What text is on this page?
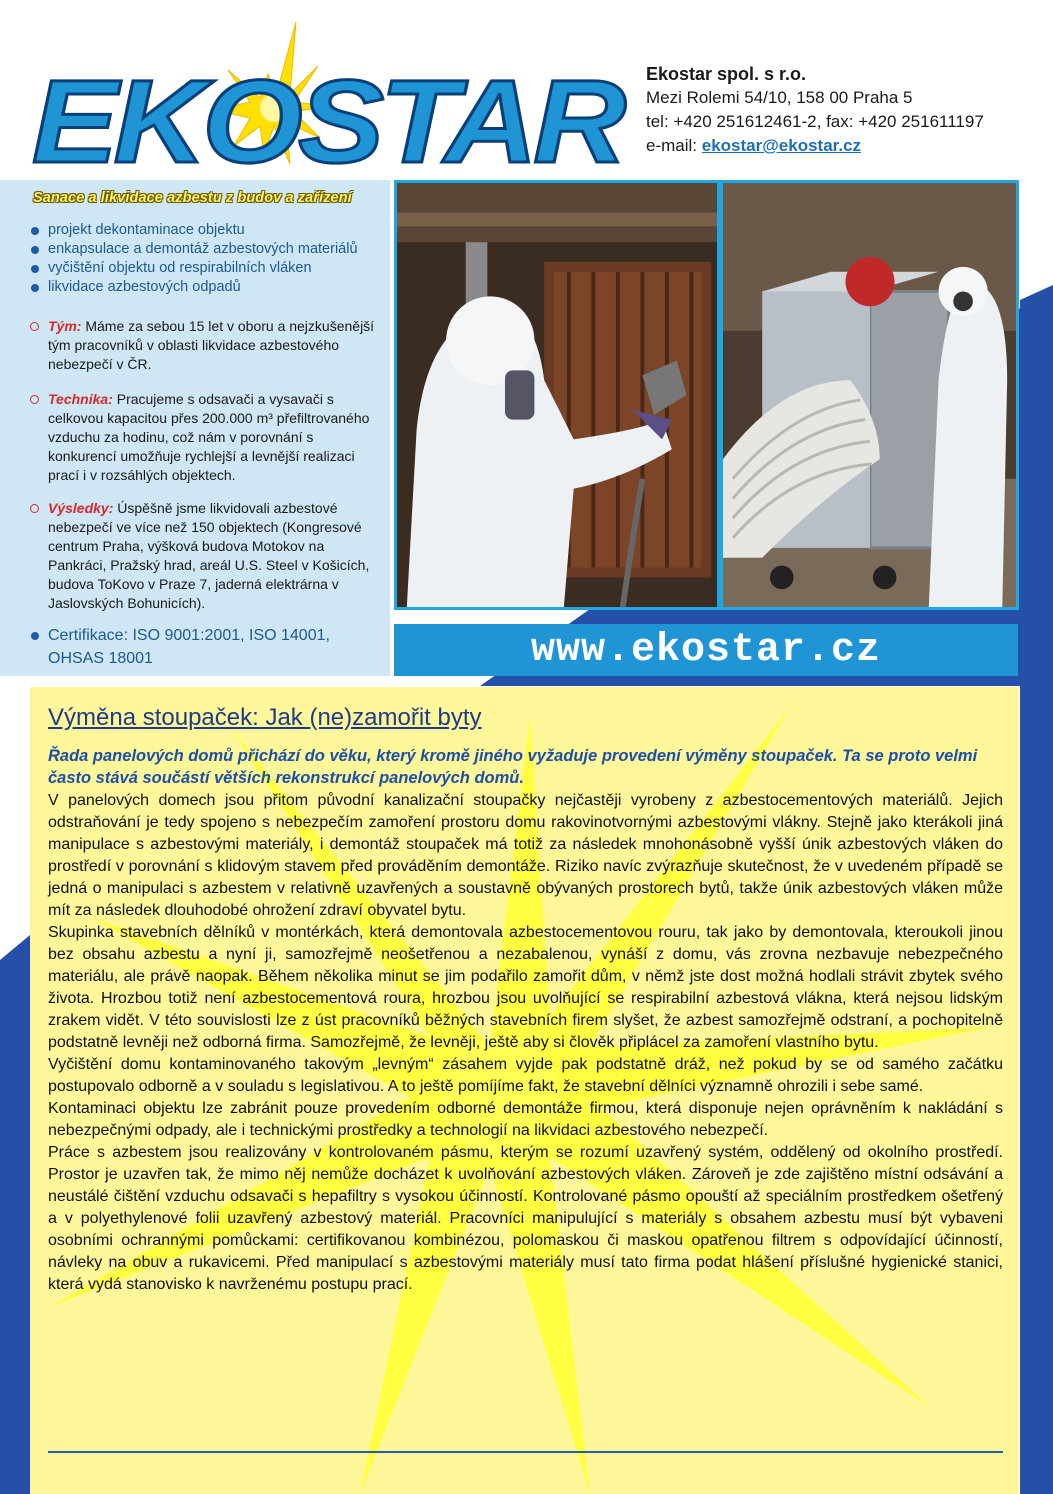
EKOSTAR Ekostar spol. s r.o.
Mezi Rolemi 54/10, 158 00 Praha 5
tel: +420 251612461-2, fax: +420 251611197
e-mail: ekostar@ekostar.cz
Sanace a likvidace azbestu z budov a zařízení
projekt dekontaminace objektu
enkapsulace a demontáž azbestových materiálů
vyčištění objektu od respirabilních vláken
likvidace azbestových odpadů
Tým: Máme za sebou 15 let v oboru a nejzkušenější tým pracovníků v oblasti likvidace azbestového nebezpečí v ČR.
Technika: Pracujeme s odsavači a vysavači s celkovou kapacitou přes 200.000 m³ přefiltrovaného vzduchu za hodinu, což nám v porovnání s konkurencí umožňuje rychlejší a levnější realizaci prací i v rozsáhlých objektech.
Výsledky: Úspěšně jsme likvidovali azbestové nebezpečí ve více než 150 objektech (Kongresové centrum Praha, výšková budova Motokov na Pankráci, Pražský hrad, areál U.S. Steel v Košicích, budova ToKovo v Praze 7, jaderná elektrárna v Jaslovských Bohunicích).
Certifikace: ISO 9001:2001, ISO 14001, OHSAS 18001	www.ekostar.cz
Výměna stoupaček: Jak (ne)zamořit byty
Řada panelových domů přichází do věku, který kromě jiného vyžaduje provedení výměny stoupaček. Ta se proto velmi často stává součástí větších rekonstrukcí panelových domů.

V panelových domech jsou přitom původní kanalizační stoupačky nejčastěji vyrobeny z azbestocementových materiálů. Jejich odstraňování je tedy spojeno s nebezpečím zamoření prostoru domu rakovinotvornými azbestovými vlákny. Stejně jako kterákoli jiná manipulace s azbestovými materiály, i demontáž stoupaček má totiž za následek mnohonásobně vyšší únik azbestových vláken do prostředí v porovnání s klidovým stavem před prováděním demontáže. Riziko navíc zvýrazňuje skutečnost, že v uvedeném případě se jedná o manipulaci s azbestem v relativně uzavřených a soustavně obývaných prostorech bytů, takže únik azbestových vláken může mít za následek dlouhodobé ohrožení zdraví obyvatel bytu.

Skupinka stavebních dělníků v montérkách, která demontovala azbestocementovou rouru, tak jako by demontovala, kteroukoli jinou bez obsahu azbestu a nyní ji, samozřejmě neošetřenou a nezabalenou, vynáší z domu, vás zrovna nezbavuje nebezpečného materiálu, ale právě naopak. Během několika minut se jim podařilo zamořit dům, v němž jste dost možná hodlali strávit zbytek svého života. Hrozbou totiž není azbestocementová roura, hrozbou jsou uvolňující se respirabilní azbestová vlákna, která nejsou lidským zrakem vidět. V této souvislosti lze z úst pracovníků běžných stavebních firem slyšet, že azbest samozřejmě odstraní, a pochopitelně podstatně levněji než odborná firma. Samozřejmě, že levněji, ještě aby si člověk připlácel za zamoření vlastního bytu.

Vyčištění domu kontaminovaného takovým „levným“ zásahem vyjde pak podstatně dráž, než pokud by se od samého začátku postupovalo odborně a v souladu s legislativou. A to ještě pomíjíme fakt, že stavební dělníci významně ohrozili i sebe samé.

Kontaminaci objektu lze zabránit pouze provedením odborné demontáže firmou, která disponuje nejen oprávněním k nakládání s nebezpečnými odpady, ale i technickými prostředky a technologií na likvidaci azbestového nebezpečí.

Práce s azbestem jsou realizovány v kontrolovaném pásmu, kterým se rozumí uzavřený systém, oddělený od okolního prostředí. Prostor je uzavřen tak, že mimo něj nemůže docházet k uvolňování azbestových vláken. Zároveň je zde zajištěno místní odsávání a neustálé čištění vzduchu odsavači s hepafiltry s vysokou účinností. Kontrolované pásmo opouští až speciálním prostředkem ošetřený a v polyethylenové folii uzavřený azbestový materiál. Pracovníci manipulující s materiály s obsahem azbestu musí být vybaveni osobními ochrannými pomůckami: certifikovanou kombinézou, polomaskou či maskou opatřenou filtrem s odpovídající účinností, návleky na obuv a rukavicemi. Před manipulací s azbestovými materiály musí tato firma podat hlášení příslušné hygienické stanici, která vydá stanovisko k navrženému postupu prací.
